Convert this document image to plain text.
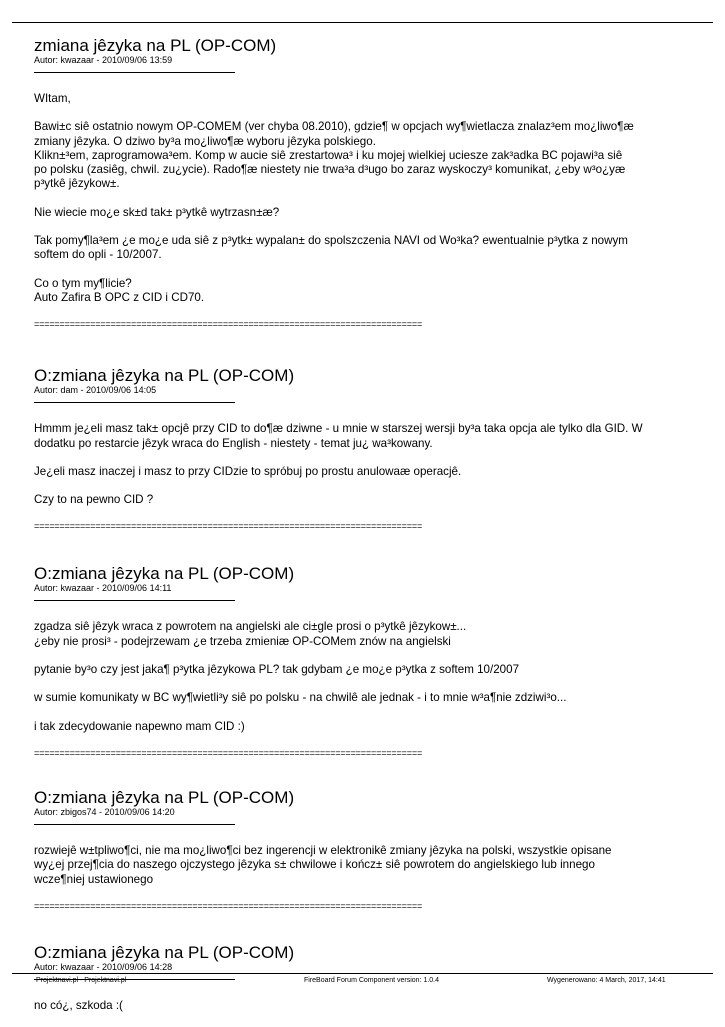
zmiana jêzyka na PL (OP-COM)
Autor: kwazaar - 2010/09/06 13:59

WItam,

Bawi±c siê ostatnio nowym OP-COMEM (ver chyba 08.2010), gdzie¶ w opcjach wy¶wietlacza znalaz³em mo¿liwo¶æ
zmiany jêzyka. O dziwo by³a mo¿liwo¶æ wyboru jêzyka polskiego.
Klikn±³em, zaprogramowa³em. Komp w aucie siê zrestartowa³ i ku mojej wielkiej uciesze zak³adka BC pojawi³a siê
po polsku (zasiêg, chwil. zu¿ycie). Rado¶æ niestety nie trwa³a d³ugo bo zaraz wyskoczy³ komunikat, ¿eby w³o¿yæ
p³ytkê jêzykow±.

Nie wiecie mo¿e sk±d tak± p³ytkê wytrzasn±æ?

Tak pomy¶la³em ¿e mo¿e uda siê z p³ytk± wypalan± do spolszczenia NAVI od Wo³ka? ewentualnie p³ytka z nowym
softem do opli - 10/2007.

Co o tym my¶licie?
Auto Zafira B OPC z CID i CD70.

============================================================================
O:zmiana jêzyka na PL (OP-COM)
Autor: dam - 2010/09/06 14:05

Hmmm je¿eli masz tak± opcjê przy CID to do¶æ dziwne - u mnie w starszej wersji by³a taka opcja ale tylko dla GID. W
dodatku po restarcie jêzyk wraca do English - niestety - temat ju¿ wa³kowany.

Je¿eli masz inaczej i masz to przy CIDzie to spróbuj po prostu anulowaæ operacjê.

Czy to na pewno CID ?

============================================================================
O:zmiana jêzyka na PL (OP-COM)
Autor: kwazaar - 2010/09/06 14:11

zgadza siê jêzyk wraca z powrotem na angielski ale ci±gle prosi o p³ytkê jêzykow±...
¿eby nie prosi³ - podejrzewam ¿e trzeba zmieniæ OP-COMem znów na angielski

pytanie by³o czy jest jaka¶ p³ytka jêzykowa PL? tak gdybam ¿e mo¿e p³ytka z softem 10/2007

w sumie komunikaty w BC wy¶wietli³y siê po polsku - na chwilê ale jednak - i to mnie w³a¶nie zdziwi³o...

i tak zdecydowanie napewno mam CID :)

============================================================================
O:zmiana jêzyka na PL (OP-COM)
Autor: zbigos74 - 2010/09/06 14:20

rozwiejê w±tpliwo¶ci, nie ma mo¿liwo¶ci bez ingerencji w elektronikê zmiany jêzyka na polski, wszystkie opisane
wy¿ej przej¶cia do naszego ojczystego jêzyka s± chwilowe i kończ± siê powrotem do angielskiego lub innego
wcze¶niej ustawionego

============================================================================
O:zmiana jêzyka na PL (OP-COM)
Autor: kwazaar - 2010/09/06 14:28

no có¿, szkoda :(

Projektnavi.pl - Projektnavi.pl	FireBoard Forum Component version: 1.0.4	Wygenerowano: 4 March, 2017, 14:41
